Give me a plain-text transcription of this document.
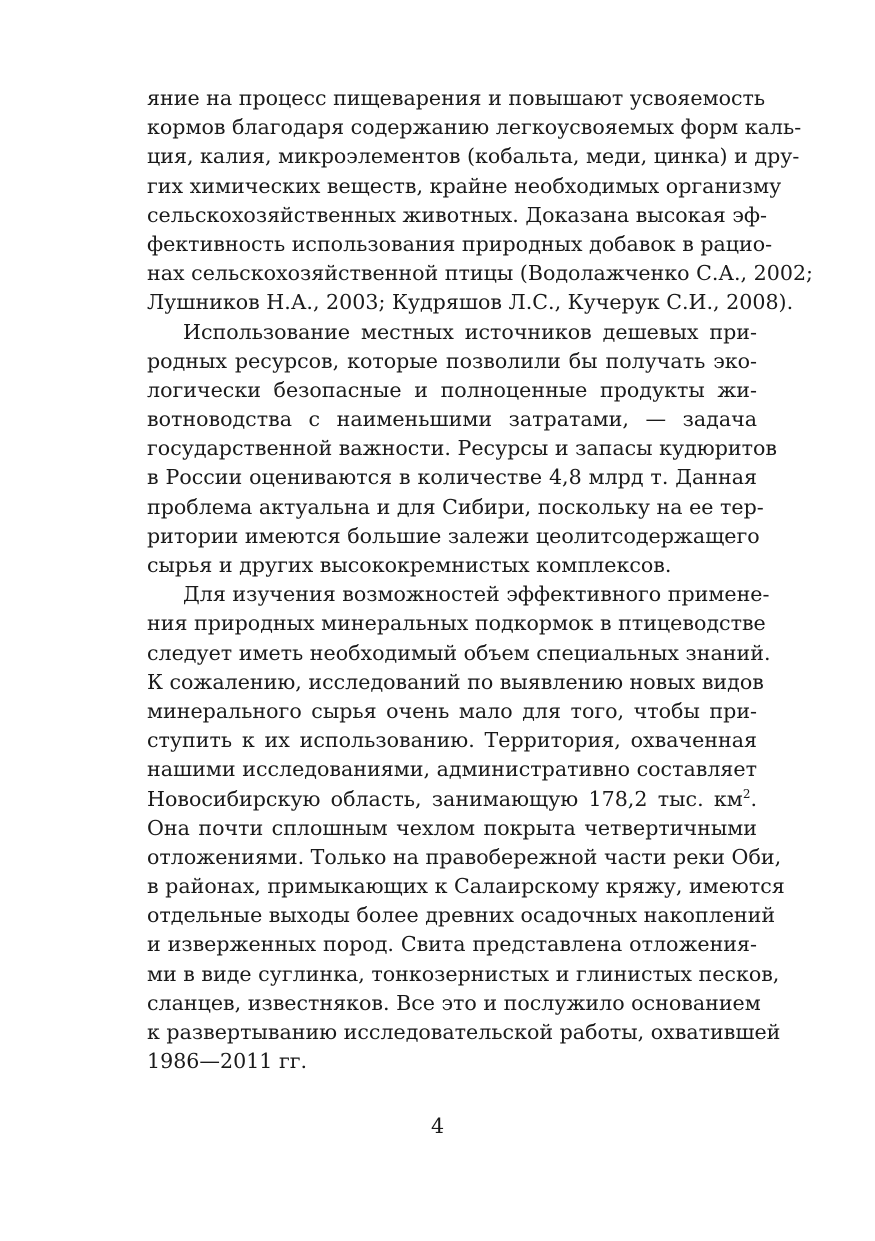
яние на процесс пищеварения и повышают усвояемость
кормов благодаря содержанию легкоусвояемых форм каль-
ция, калия, микроэлементов (кобальта, меди, цинка) и дру-
гих химических веществ, крайне необходимых организму
сельскохозяйственных животных. Доказана высокая эф-
фективность использования природных добавок в рацио-
нах сельскохозяйственной птицы (Водолажченко С.А., 2002;
Лушников Н.А., 2003; Кудряшов Л.С., Кучерук С.И., 2008).
Использование местных источников дешевых при-
родных ресурсов, которые позволили бы получать эко-
логически безопасные и полноценные продукты жи-
вотноводства с наименьшими затратами, — задача
государственной важности. Ресурсы и запасы кудюритов
в России оцениваются в количестве 4,8 млрд т. Данная
проблема актуальна и для Сибири, поскольку на ее тер-
ритории имеются большие залежи цеолитсодержащего
сырья и других высококремнистых комплексов.
Для изучения возможностей эффективного примене-
ния природных минеральных подкормок в птицеводстве
следует иметь необходимый объем специальных знаний.
К сожалению, исследований по выявлению новых видов
минерального сырья очень мало для того, чтобы при-
ступить к их использованию. Территория, охваченная
нашими исследованиями, административно составляет
Новосибирскую область, занимающую 178,2 тыс. $км^2$.
Она почти сплошным чехлом покрыта четвертичными
отложениями. Только на правобережной части реки Оби,
в районах, примыкающих к Салаирскому кряжу, имеются
отдельные выходы более древних осадочных накоплений
и изверженных пород. Свита представлена отложения-
ми в виде суглинка, тонкозернистых и глинистых песков,
сланцев, известняков. Все это и послужило основанием
к развертыванию исследовательской работы, охватившей
1986—2011 гг.
4
